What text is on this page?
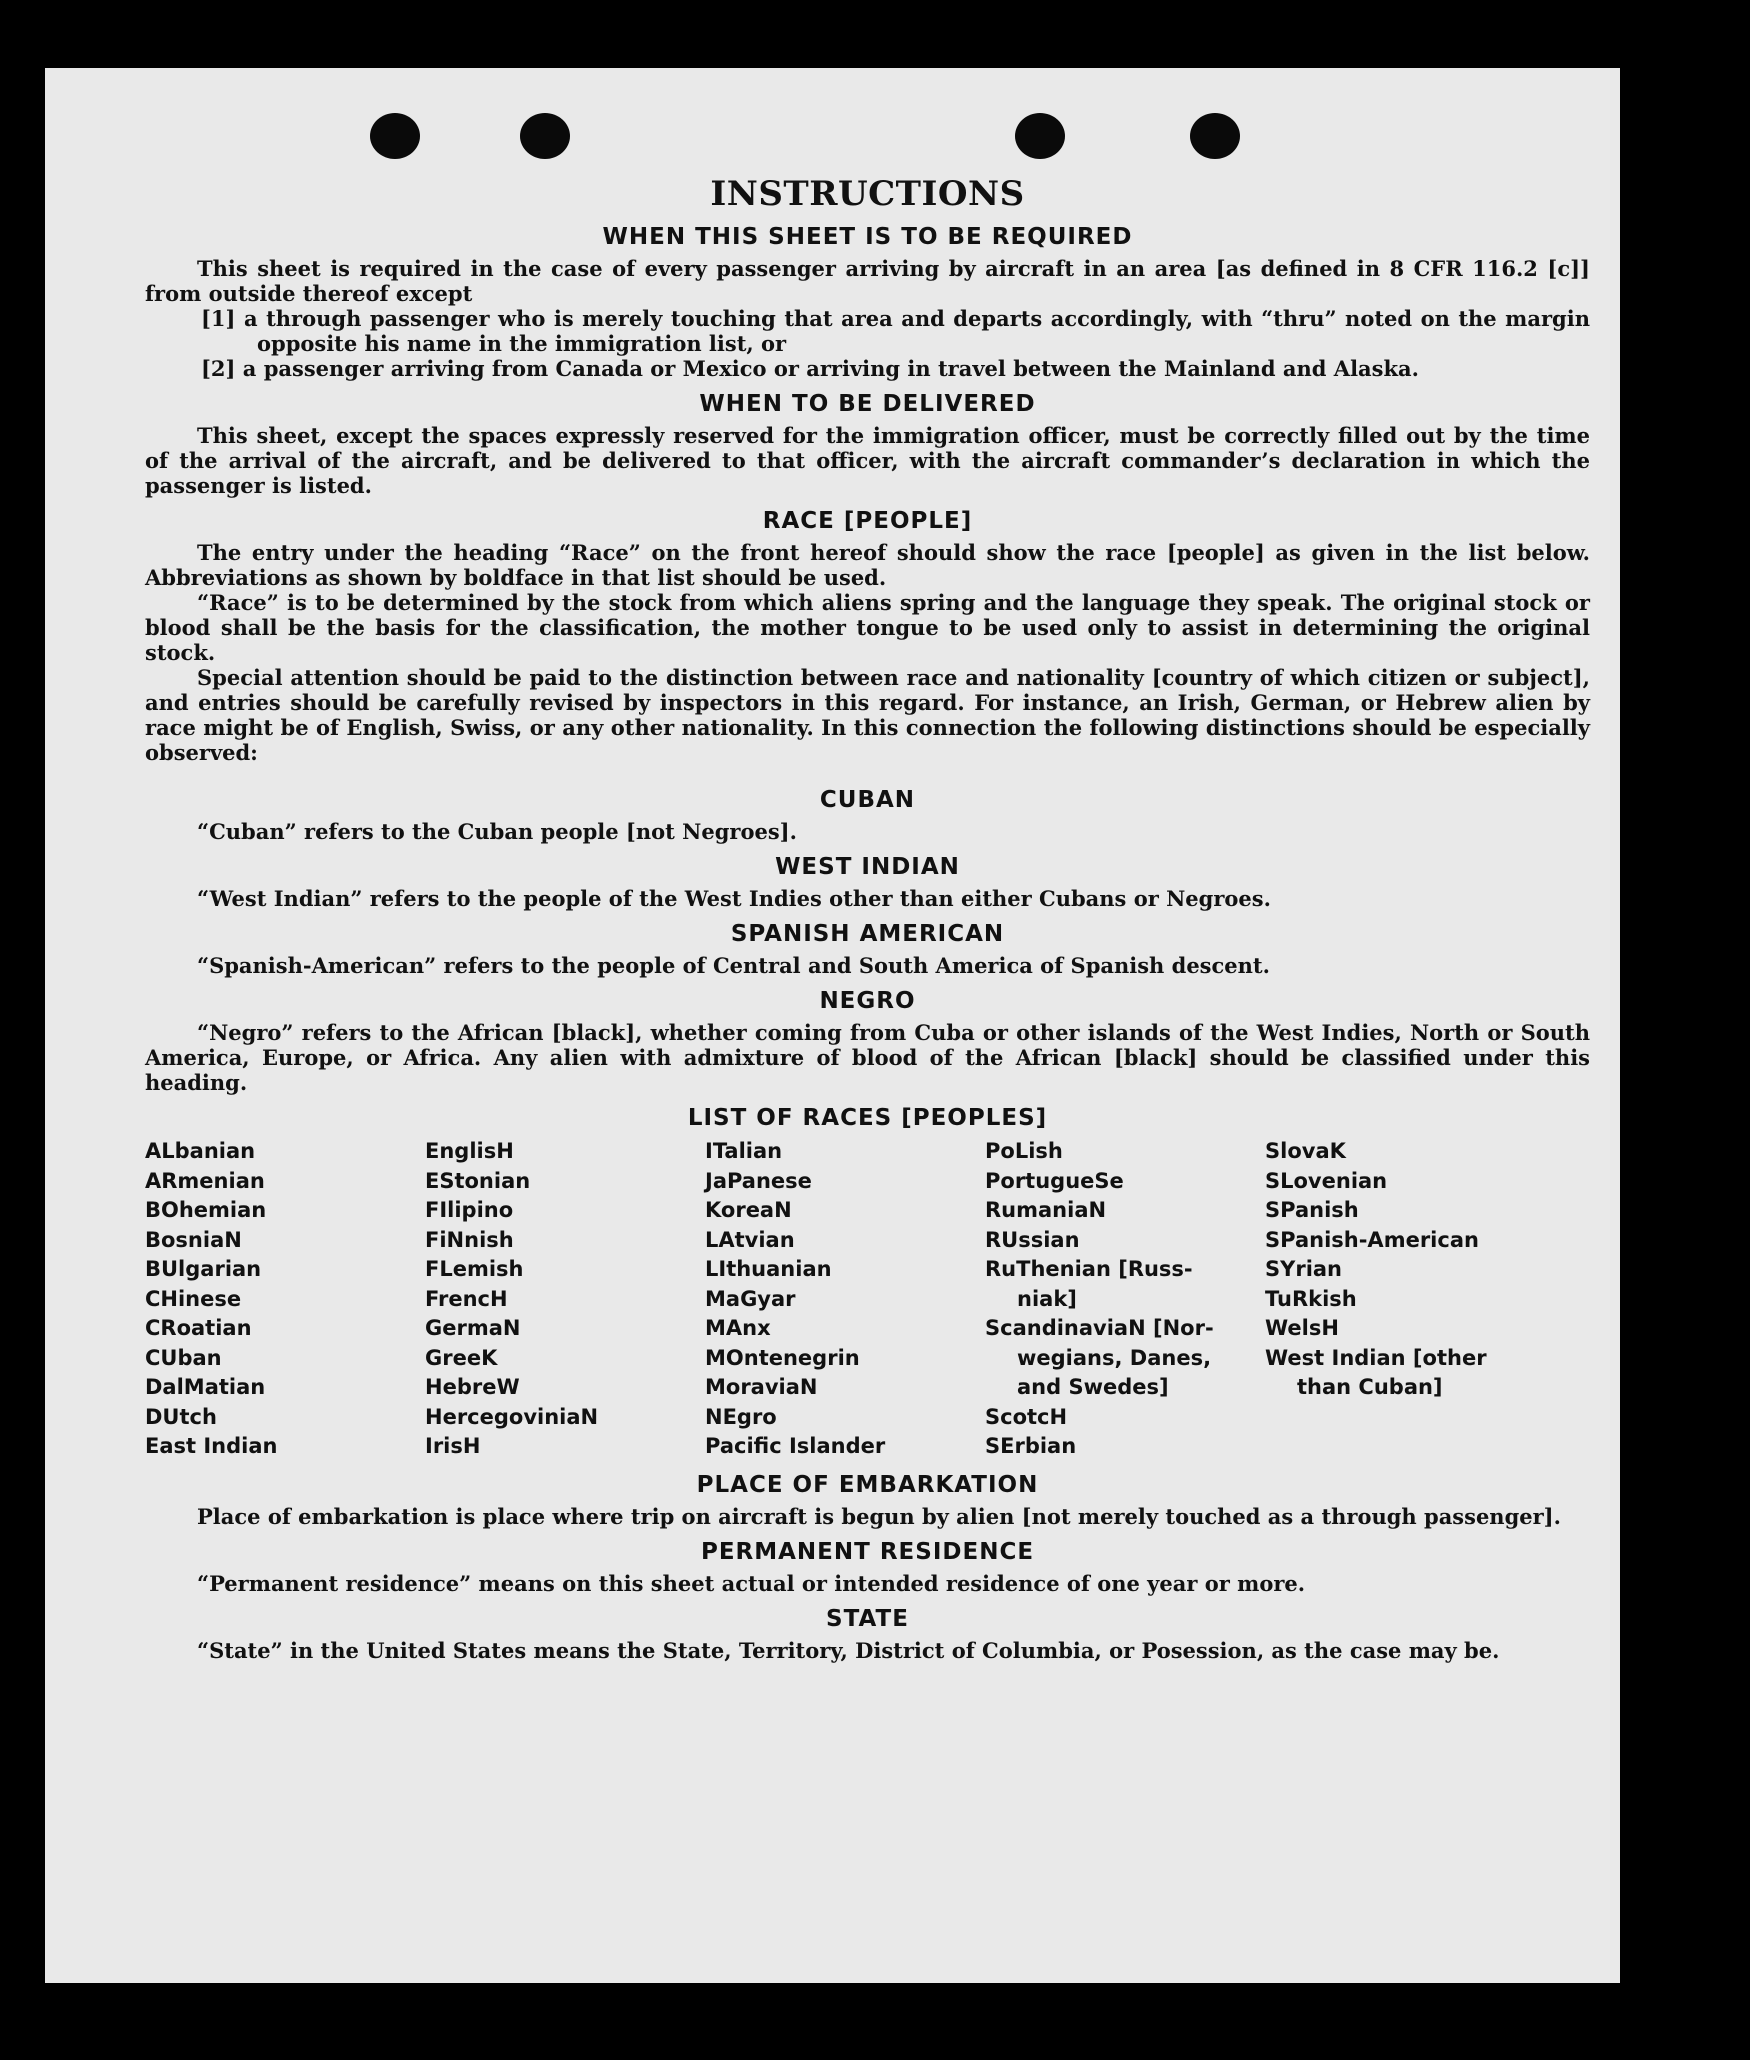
INSTRUCTIONS
WHEN THIS SHEET IS TO BE REQUIRED

This sheet is required in the case of every passenger arriving by aircraft in an area [as defined in 8 CFR 116.2 [c]] from outside thereof except

[1] a through passenger who is merely touching that area and departs accordingly, with “thru” noted on the margin opposite his name in the immigration list, or

[2] a passenger arriving from Canada or Mexico or arriving in travel between the Mainland and Alaska.

WHEN TO BE DELIVERED

This sheet, except the spaces expressly reserved for the immigration officer, must be correctly filled out by the time of the arrival of the aircraft, and be delivered to that officer, with the aircraft commander’s declaration in which the passenger is listed.

RACE [PEOPLE]

The entry under the heading “Race” on the front hereof should show the race [people] as given in the list below. Abbreviations as shown by boldface in that list should be used.

“Race” is to be determined by the stock from which aliens spring and the language they speak. The original stock or blood shall be the basis for the classification, the mother tongue to be used only to assist in determining the original stock.

Special attention should be paid to the distinction between race and nationality [country of which citizen or subject], and entries should be carefully revised by inspectors in this regard. For instance, an Irish, German, or Hebrew alien by race might be of English, Swiss, or any other nationality. In this connection the following distinctions should be especially observed:

CUBAN

“Cuban” refers to the Cuban people [not Negroes].

WEST INDIAN

“West Indian” refers to the people of the West Indies other than either Cubans or Negroes.

SPANISH AMERICAN

“Spanish-American” refers to the people of Central and South America of Spanish descent.

NEGRO

“Negro” refers to the African [black], whether coming from Cuba or other islands of the West Indies, North or South America, Europe, or Africa. Any alien with admixture of blood of the African [black] should be classified under this heading.

LIST OF RACES [PEOPLES]
ALbanian
ARmenian
BOhemian
BosniaN
BUlgarian
CHinese
CRoatian
CUban
DalMatian
DUtch
East Indian
EnglisH
EStonian
FIlipino
FiNnish
FLemish
FrencH
GermaN
GreeK
HebreW
HercegovinіaN
IrisH
ITalian
JaPanese
KoreaN
LAtvian
LIthuanian
MaGyar
MAnx
MOntenegrin
MoraviaN
NEgro
Pacific Islander
PoLish
PortugueSe
RumaniaN
RUssian
RuThenian [Russ-
niak]
ScandinaviaN [Nor-
wegians, Danes,
and Swedes]
ScotcH
SErbian
SlovaK
SLovenian
SPanish
SPanish-American
SYrian
TuRkish
WelsH
West Indian [other
than Cuban]
PLACE OF EMBARKATION

Place of embarkation is place where trip on aircraft is begun by alien [not merely touched as a through passenger].

PERMANENT RESIDENCE

“Permanent residence” means on this sheet actual or intended residence of one year or more.

STATE

“State” in the United States means the State, Territory, District of Columbia, or Posession, as the case may be.
